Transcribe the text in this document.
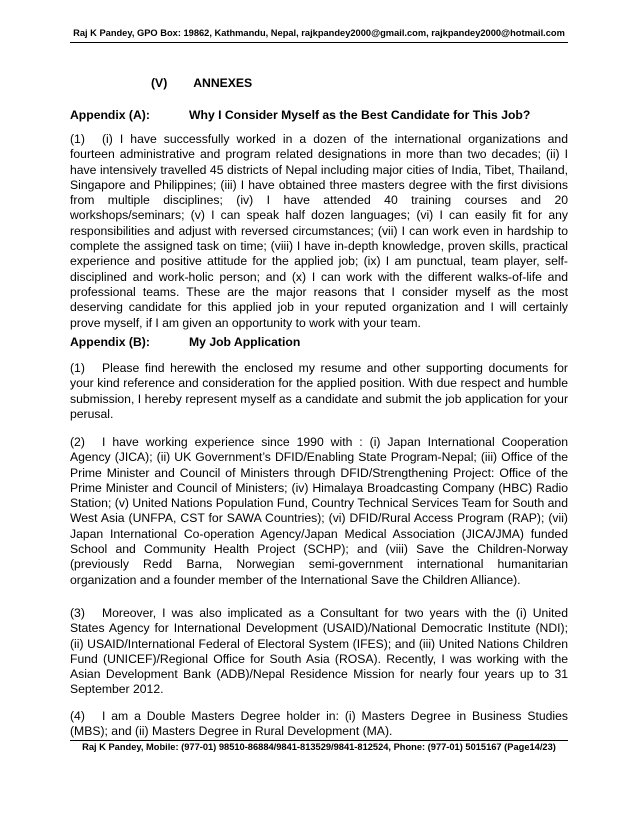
Raj K Pandey, GPO Box: 19862, Kathmandu, Nepal, rajkpandey2000@gmail.com, rajkpandey2000@hotmail.com
(V) ANNEXES
Appendix (A):	Why I Consider Myself as the Best Candidate for This Job?

(1) (i) I have successfully worked in a dozen of the international organizations and fourteen administrative and program related designations in more than two decades; (ii) I have intensively travelled 45 districts of Nepal including major cities of India, Tibet, Thailand, Singapore and Philippines; (iii) I have obtained three masters degree with the first divisions from multiple disciplines; (iv) I have attended 40 training courses and 20 workshops/seminars; (v) I can speak half dozen languages; (vi) I can easily fit for any responsibilities and adjust with reversed circumstances; (vii) I can work even in hardship to complete the assigned task on time; (viii) I have in-depth knowledge, proven skills, practical experience and positive attitude for the applied job; (ix) I am punctual, team player, self-disciplined and work-holic person; and (x) I can work with the different walks-of-life and professional teams. These are the major reasons that I consider myself as the most deserving candidate for this applied job in your reputed organization and I will certainly prove myself, if I am given an opportunity to work with your team.

Appendix (B):	My Job Application

(1) Please find herewith the enclosed my resume and other supporting documents for your kind reference and consideration for the applied position. With due respect and humble submission, I hereby represent myself as a candidate and submit the job application for your perusal.

(2) I have working experience since 1990 with : (i) Japan International Cooperation Agency (JICA); (ii) UK Government’s DFID/Enabling State Program-Nepal; (iii) Office of the Prime Minister and Council of Ministers through DFID/Strengthening Project: Office of the Prime Minister and Council of Ministers; (iv) Himalaya Broadcasting Company (HBC) Radio Station; (v) United Nations Population Fund, Country Technical Services Team for South and West Asia (UNFPA, CST for SAWA Countries); (vi) DFID/Rural Access Program (RAP); (vii) Japan International Co-operation Agency/Japan Medical Association (JICA/JMA) funded School and Community Health Project (SCHP); and (viii) Save the Children-Norway (previously Redd Barna, Norwegian semi-government international humanitarian organization and a founder member of the International Save the Children Alliance).

(3) Moreover, I was also implicated as a Consultant for two years with the (i) United States Agency for International Development (USAID)/National Democratic Institute (NDI); (ii) USAID/International Federal of Electoral System (IFES); and (iii) United Nations Children Fund (UNICEF)/Regional Office for South Asia (ROSA). Recently, I was working with the Asian Development Bank (ADB)/Nepal Residence Mission for nearly four years up to 31 September 2012.

(4) I am a Double Masters Degree holder in: (i) Masters Degree in Business Studies (MBS); and (ii) Masters Degree in Rural Development (MA).

Raj K Pandey, Mobile: (977-01) 98510-86884/9841-813529/9841-812524, Phone: (977-01) 5015167 (Page14/23)
